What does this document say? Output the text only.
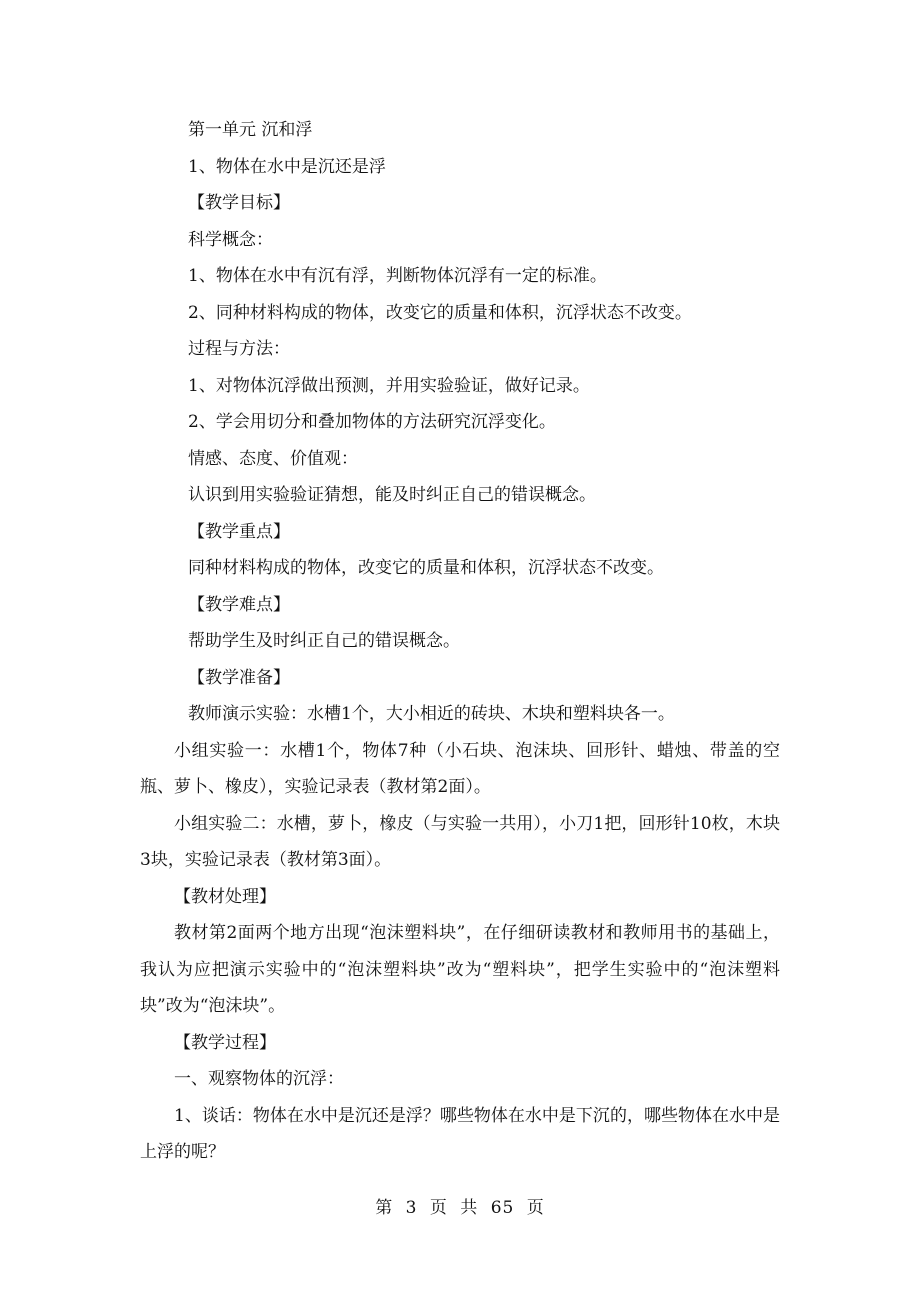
第一单元 沉和浮

1、物体在水中是沉还是浮

【教学目标】

科学概念：

1、物体在水中有沉有浮，判断物体沉浮有一定的标准。

2、同种材料构成的物体，改变它的质量和体积，沉浮状态不改变。

过程与方法：

1、对物体沉浮做出预测，并用实验验证，做好记录。

2、学会用切分和叠加物体的方法研究沉浮变化。

情感、态度、价值观：

认识到用实验验证猜想，能及时纠正自己的错误概念。

【教学重点】

同种材料构成的物体，改变它的质量和体积，沉浮状态不改变。

【教学难点】

帮助学生及时纠正自己的错误概念。

【教学准备】

教师演示实验：水槽1个，大小相近的砖块、木块和塑料块各一。

小组实验一：水槽1个，物体7种（小石块、泡沫块、回形针、蜡烛、带盖的空瓶、萝卜、橡皮），实验记录表（教材第2面）。

小组实验二：水槽，萝卜，橡皮（与实验一共用），小刀1把，回形针10枚，木块3块，实验记录表（教材第3面）。

【教材处理】

教材第2面两个地方出现“泡沫塑料块”，在仔细研读教材和教师用书的基础上，我认为应把演示实验中的“泡沫塑料块”改为“塑料块”，把学生实验中的“泡沫塑料块”改为“泡沫块”。

【教学过程】

一、观察物体的沉浮：

1、谈话：物体在水中是沉还是浮？哪些物体在水中是下沉的，哪些物体在水中是上浮的呢？

第 3 页 共 65 页
